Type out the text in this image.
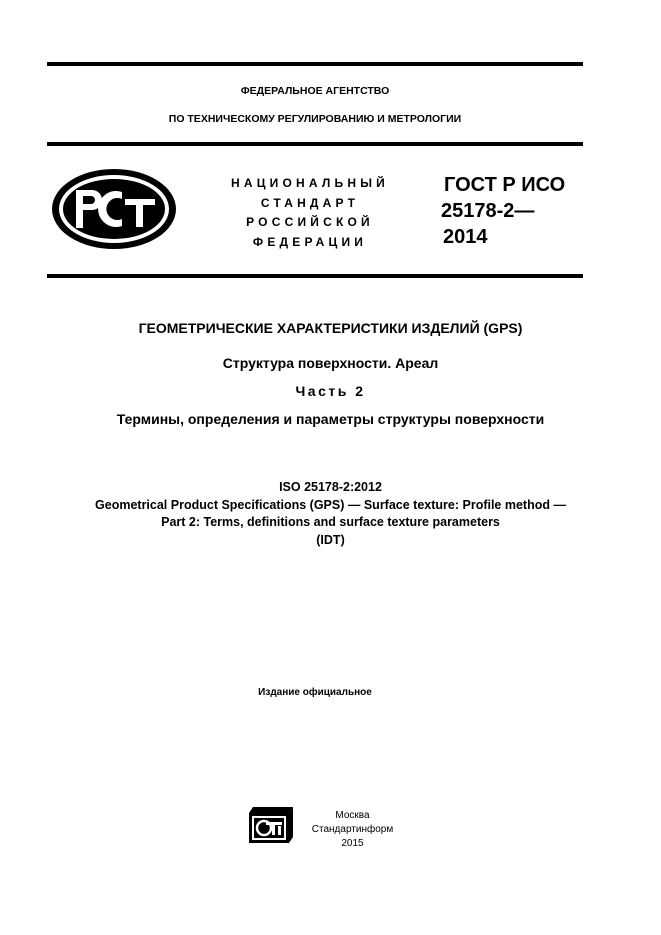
ФЕДЕРАЛЬНОЕ АГЕНТСТВО
ПО ТЕХНИЧЕСКОМУ РЕГУЛИРОВАНИЮ И МЕТРОЛОГИИ
НАЦИОНАЛЬНЫЙ
СТАНДАРТ
РОССИЙСКОЙ
ФЕДЕРАЦИИ
ГОСТ Р ИСО
25178-2—
2014
ГЕОМЕТРИЧЕСКИЕ ХАРАКТЕРИСТИКИ ИЗДЕЛИЙ (GPS)
Структура поверхности. Ареал
Часть 2
Термины, определения и параметры структуры поверхности
ISO 25178-2:2012
Geometrical Product Specifications (GPS) — Surface texture: Profile method —
Part 2: Terms, definitions and surface texture parameters
(IDT)
Издание официальное
Москва
Стандартинформ
2015
